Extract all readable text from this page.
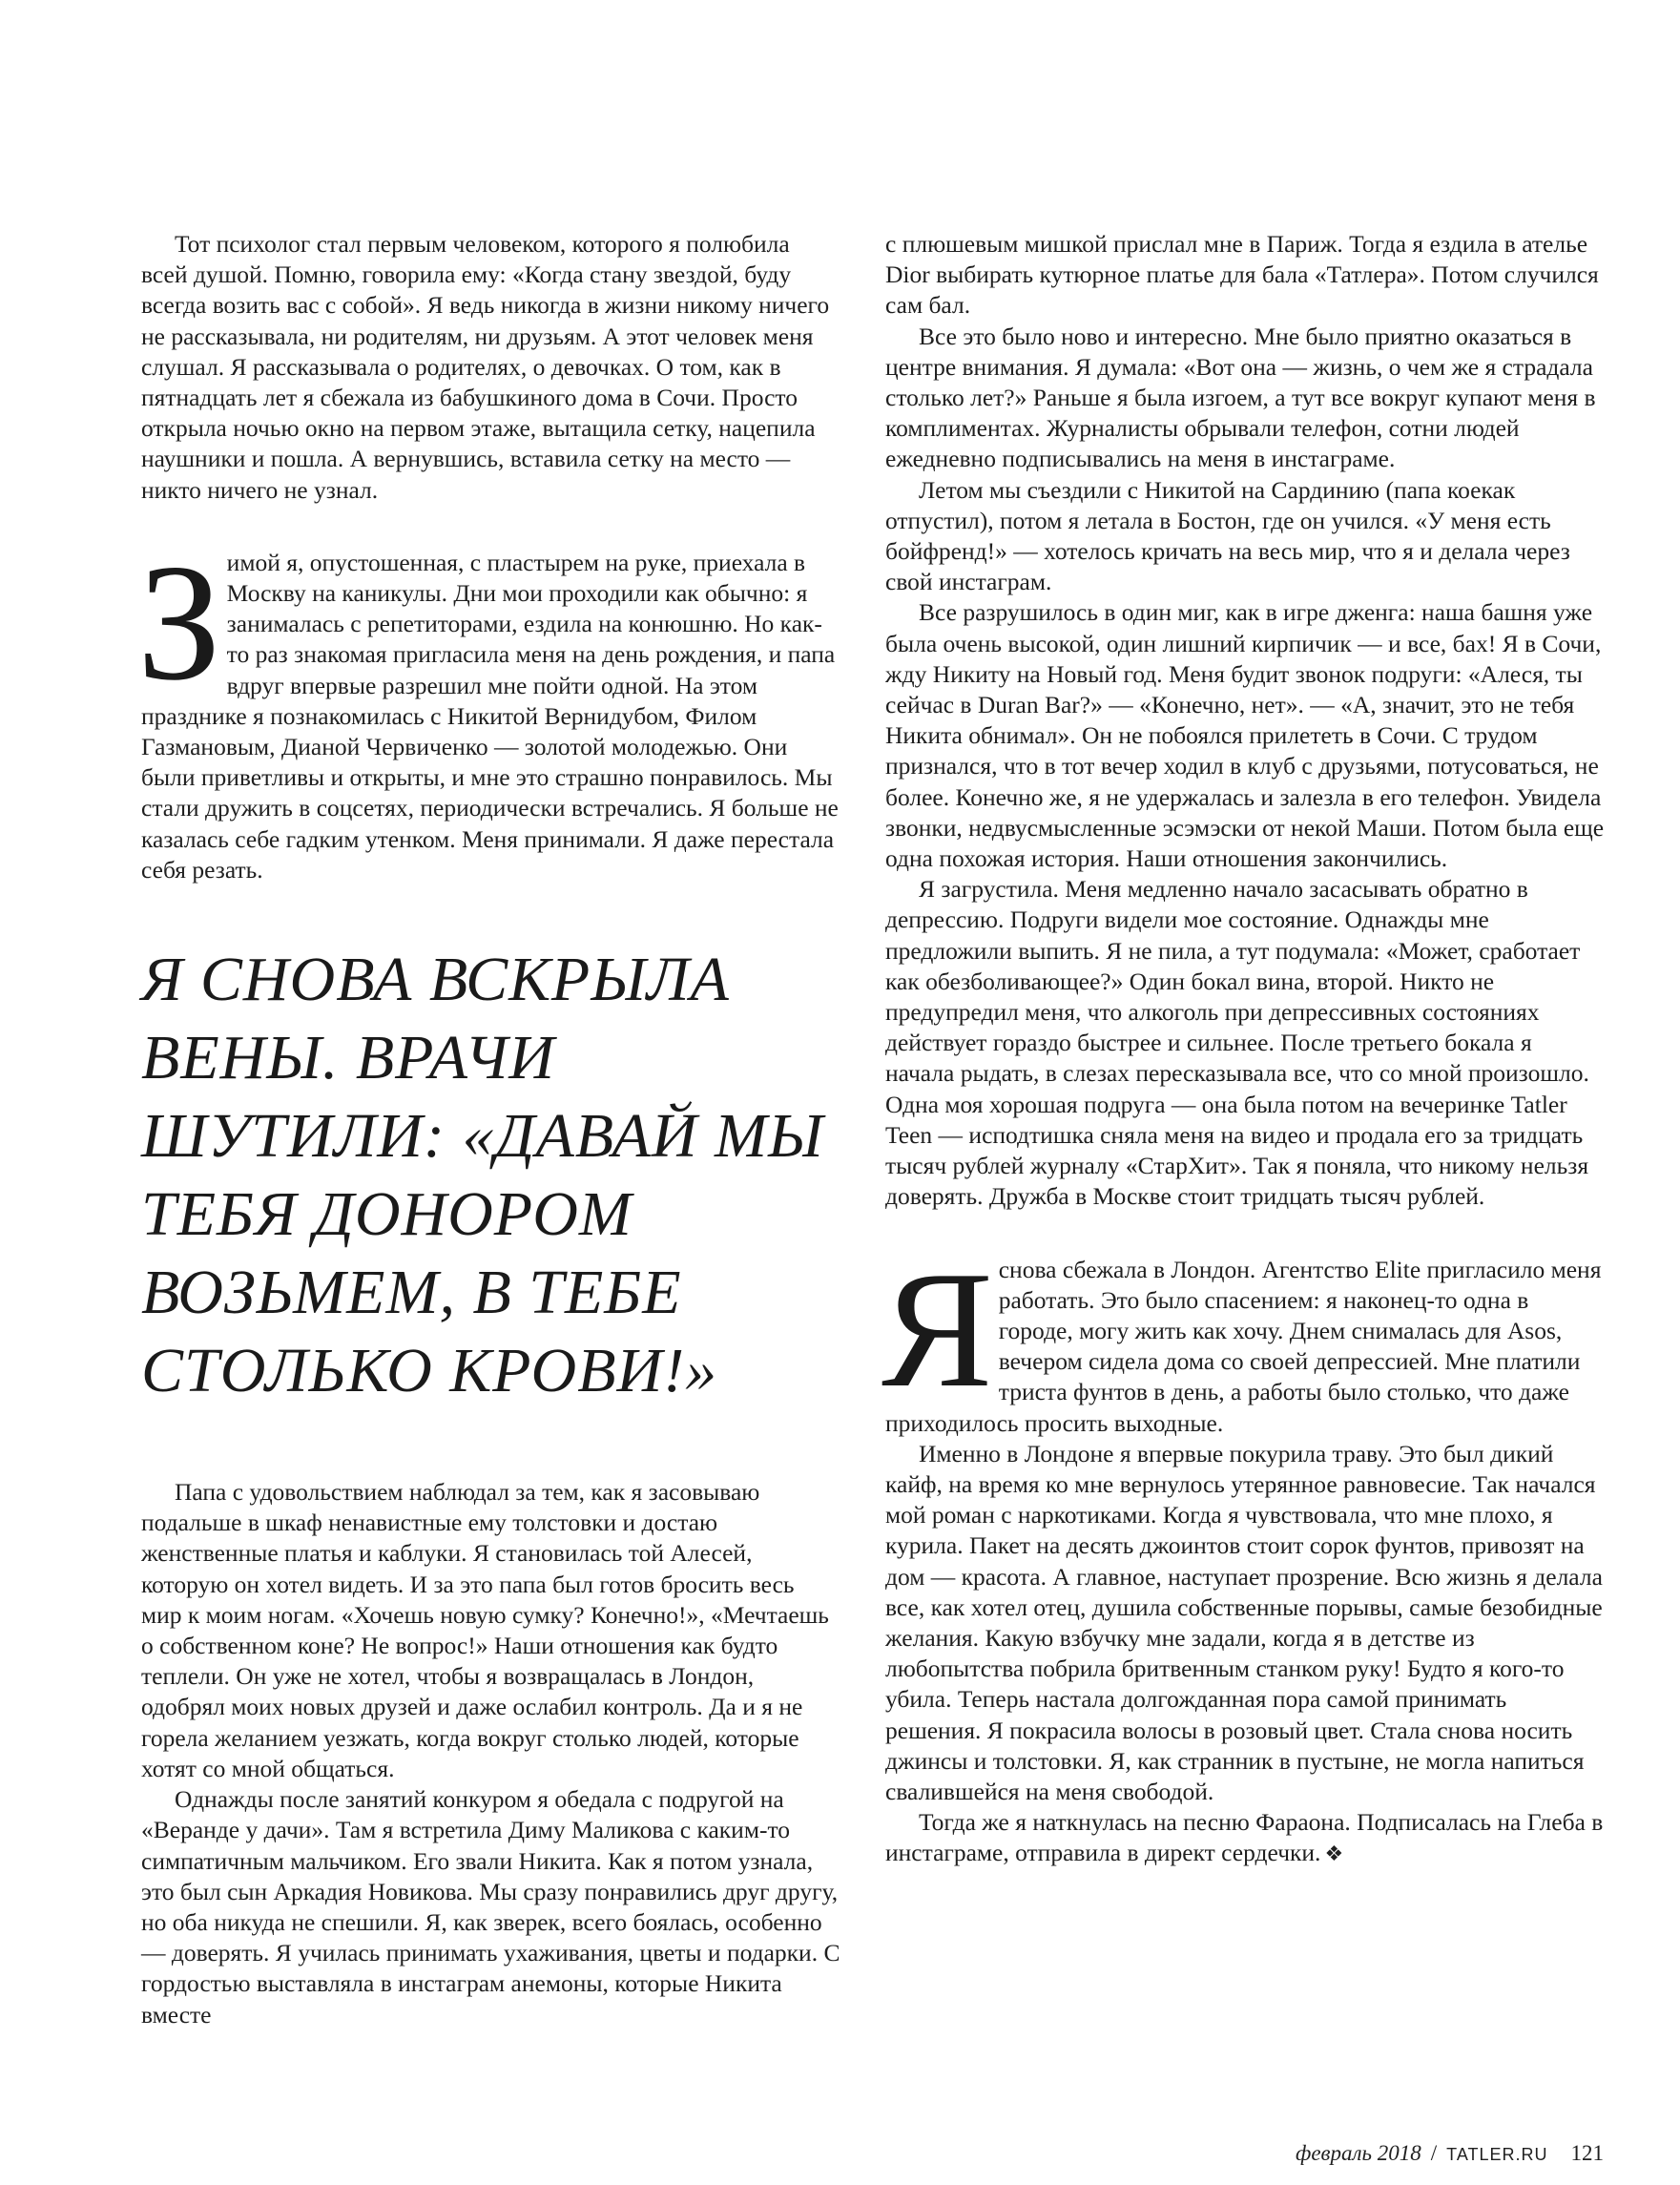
Тот психолог стал первым человеком, которого я полюбила всей душой. Помню, говорила ему: «Когда стану звездой, буду всегда возить вас с собой». Я ведь никогда в жизни никому ничего не рассказывала, ни родителям, ни друзьям. А этот человек меня слушал. Я рассказывала о родителях, о девочках. О том, как в пятнадцать лет я сбежала из бабушкиного дома в Сочи. Просто открыла ночью окно на первом этаже, вытащила сетку, нацепила наушники и пошла. А вернувшись, вставила сетку на место — никто ничего не узнал.

Зимой я, опустошенная, с пластырем на руке, приехала в Москву на каникулы. Дни мои проходили как обычно: я занималась с репетиторами, ездила на конюшню. Но как-то раз знакомая пригласила меня на день рождения, и папа вдруг впервые разрешил мне пойти одной. На этом празднике я познакомилась с Никитой Вернидубом, Филом Газмановым, Дианой Червиченко — золотой молодежью. Они были приветливы и открыты, и мне это страшно понравилось. Мы стали дружить в соцсетях, периодически встречались. Я больше не казалась себе гадким утенком. Меня принимали. Я даже перестала себя резать.

Я СНОВА ВСКРЫЛА ВЕНЫ. ВРАЧИ ШУТИЛИ: «ДАВАЙ МЫ ТЕБЯ ДОНОРОМ ВОЗЬМЕМ, В ТЕБЕ СТОЛЬКО КРОВИ!»

Папа с удовольствием наблюдал за тем, как я засовываю подальше в шкаф ненавистные ему толстовки и достаю женственные платья и каблуки. Я становилась той Алесей, которую он хотел видеть. И за это папа был готов бросить весь мир к моим ногам. «Хочешь новую сумку? Конечно!», «Мечтаешь о собственном коне? Не вопрос!» Наши отношения как будто теплели. Он уже не хотел, чтобы я возвращалась в Лондон, одобрял моих новых друзей и даже ослабил контроль. Да и я не горела желанием уезжать, когда вокруг столько людей, которые хотят со мной общаться.

Однажды после занятий конкуром я обедала с подругой на «Веранде у дачи». Там я встретила Диму Маликова с каким-то симпатичным мальчиком. Его звали Никита. Как я потом узнала, это был сын Аркадия Новикова. Мы сразу понравились друг другу, но оба никуда не спешили. Я, как зверек, всего боялась, особенно — доверять. Я училась принимать ухаживания, цветы и подарки. С гордостью выставляла в инстаграм анемоны, которые Никита вместе

с плюшевым мишкой прислал мне в Париж. Тогда я ездила в ателье Dior выбирать кутюрное платье для бала «Татлера». Потом случился сам бал.

Все это было ново и интересно. Мне было приятно оказаться в центре внимания. Я думала: «Вот она — жизнь, о чем же я страдала столько лет?» Раньше я была изгоем, а тут все вокруг купают меня в комплиментах. Журналисты обрывали телефон, сотни людей ежедневно подписывались на меня в инстаграме.

Летом мы съездили с Никитой на Сардинию (папа коекак отпустил), потом я летала в Бостон, где он учился. «У меня есть бойфренд!» — хотелось кричать на весь мир, что я и делала через свой инстаграм.

Все разрушилось в один миг, как в игре дженга: наша башня уже была очень высокой, один лишний кирпичик — и все, бах! Я в Сочи, жду Никиту на Новый год. Меня будит звонок подруги: «Алеся, ты сейчас в Duran Bar?» — «Конечно, нет». — «А, значит, это не тебя Никита обнимал». Он не побоялся прилететь в Сочи. С трудом признался, что в тот вечер ходил в клуб с друзьями, потусоваться, не более. Конечно же, я не удержалась и залезла в его телефон. Увидела звонки, недвусмысленные эсэмэски от некой Маши. Потом была еще одна похожая история. Наши отношения закончились.

Я загрустила. Меня медленно начало засасывать обратно в депрессию. Подруги видели мое состояние. Однажды мне предложили выпить. Я не пила, а тут подумала: «Может, сработает как обезболивающее?» Один бокал вина, второй. Никто не предупредил меня, что алкоголь при депрессивных состояниях действует гораздо быстрее и сильнее. После третьего бокала я начала рыдать, в слезах пересказывала все, что со мной произошло. Одна моя хорошая подруга — она была потом на вечеринке Tatler Teen — исподтишка сняла меня на видео и продала его за тридцать тысяч рублей журналу «СтарХит». Так я поняла, что никому нельзя доверять. Дружба в Москве стоит тридцать тысяч рублей.

Яснова сбежала в Лондон. Агентство Elite пригласило меня работать. Это было спасением: я наконец-то одна в городе, могу жить как хочу. Днем снималась для Asos, вечером сидела дома со своей депрессией. Мне платили триста фунтов в день, а работы было столько, что даже приходилось просить выходные.

Именно в Лондоне я впервые покурила траву. Это был дикий кайф, на время ко мне вернулось утерянное равновесие. Так начался мой роман с наркотиками. Когда я чувствовала, что мне плохо, я курила. Пакет на десять джоинтов стоит сорок фунтов, привозят на дом — красота. А главное, наступает прозрение. Всю жизнь я делала все, как хотел отец, душила собственные порывы, самые безобидные желания. Какую взбучку мне задали, когда я в детстве из любопытства побрила бритвенным станком руку! Будто я кого-то убила. Теперь настала долгожданная пора самой принимать решения. Я покрасила волосы в розовый цвет. Стала снова носить джинсы и толстовки. Я, как странник в пустыне, не могла напиться свалившейся на меня свободой.

Тогда же я наткнулась на песню Фараона. Подписалась на Глеба в инстаграме, отправила в директ сердечки. ❖

февраль 2018 / TATLER.RU 121
